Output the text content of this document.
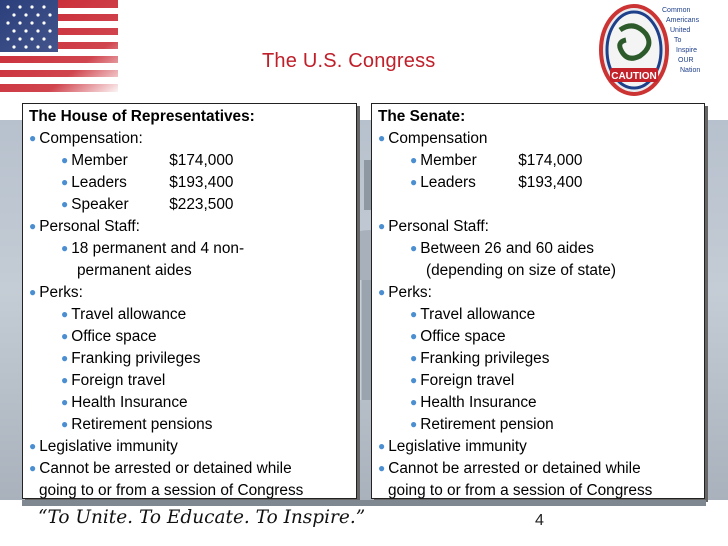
CAUTION
Common
Americans
United
To
Inspire
OUR
Nation
The U.S. Congress
The House of Representatives:
● Compensation:
● Member	$174,000
● Leaders	$193,400
● Speaker	$223,500
● Personal Staff:
● 18 permanent and 4 non-
permanent aides
● Perks:
● Travel allowance
● Office space
● Franking privileges
● Foreign travel
● Health Insurance
● Retirement pensions
● Legislative immunity
● Cannot be arrested or detained while
going to or from a session of Congress
The Senate:
● Compensation
● Member	$174,000
● Leaders	$193,400

● Personal Staff:
● Between 26 and 60 aides
(depending on size of state)
● Perks:
● Travel allowance
● Office space
● Franking privileges
● Foreign travel
● Health Insurance
● Retirement pension
● Legislative immunity
● Cannot be arrested or detained while
going to or from a session of Congress
“To Unite. To Educate. To Inspire.”	4
